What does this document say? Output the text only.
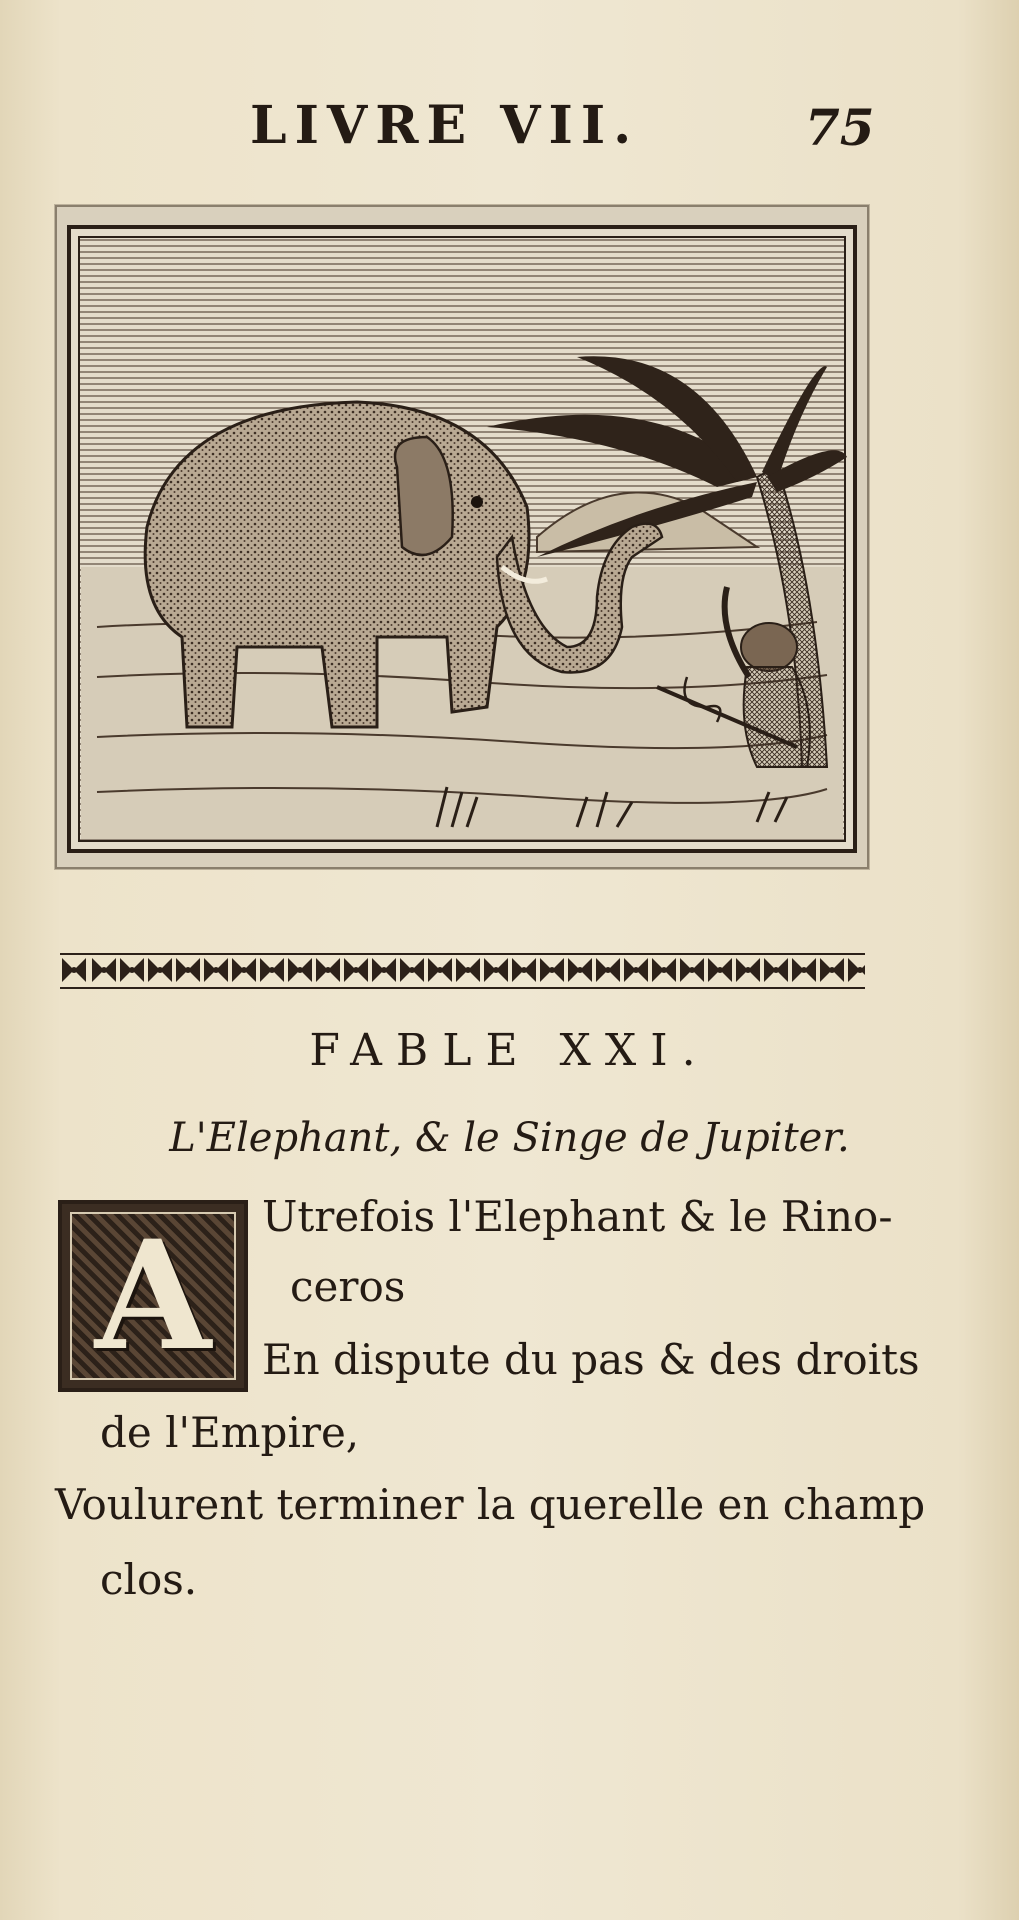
LIVRE VII.	75
FABLE XXI.
L'Elephant, & le Singe de Jupiter.
A	Utrefois l'Elephant & le Rino-
ceros
En dispute du pas & des droits
de l'Empire,
Voulurent terminer la querelle en champ
clos.
